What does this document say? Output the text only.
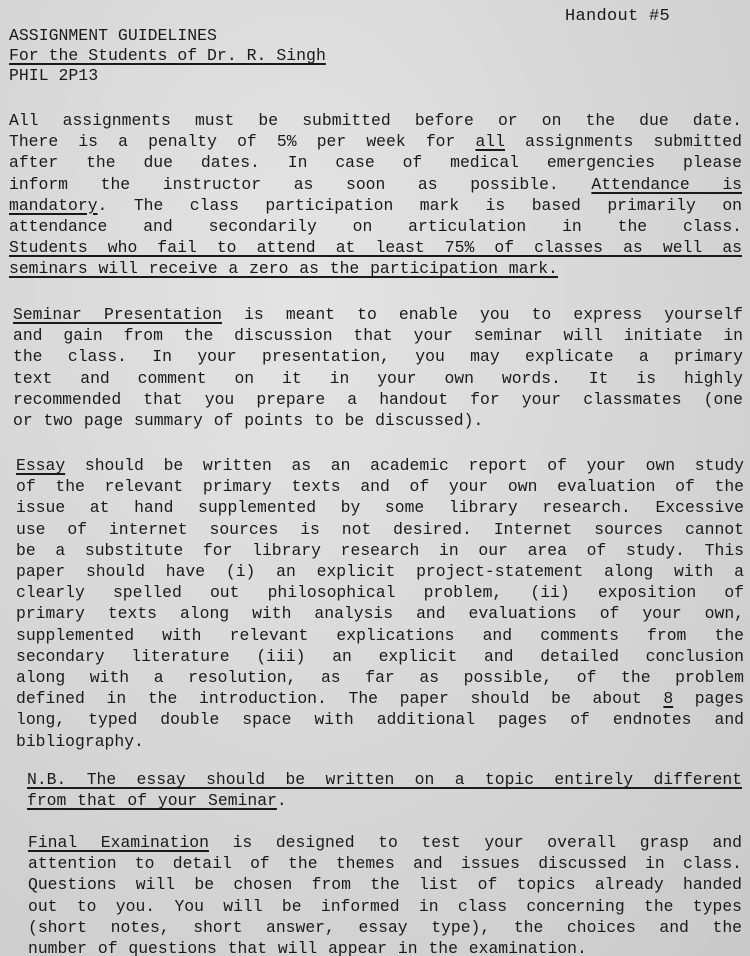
Handout #5
ASSIGNMENT GUIDELINES
For the Students of Dr. R. Singh
PHIL 2P13
All assignments must be submitted before or on the due date.
There is a penalty of 5% per week for all assignments submitted
after the due dates. In case of medical emergencies please
inform the instructor as soon as possible. Attendance is
mandatory. The class participation mark is based primarily on
attendance and secondarily on articulation in the class.
Students who fail to attend at least 75% of classes as well as
seminars will receive a zero as the participation mark.
Seminar Presentation is meant to enable you to express yourself
and gain from the discussion that your seminar will initiate in
the class. In your presentation, you may explicate a primary
text and comment on it in your own words. It is highly
recommended that you prepare a handout for your classmates (one
or two page summary of points to be discussed).
Essay should be written as an academic report of your own study
of the relevant primary texts and of your own evaluation of the
issue at hand supplemented by some library research. Excessive
use of internet sources is not desired. Internet sources cannot
be a substitute for library research in our area of study. This
paper should have (i) an explicit project-statement along with a
clearly spelled out philosophical problem, (ii) exposition of
primary texts along with analysis and evaluations of your own,
supplemented with relevant explications and comments from the
secondary literature (iii) an explicit and detailed conclusion
along with a resolution, as far as possible, of the problem
defined in the introduction. The paper should be about 8 pages
long, typed double space with additional pages of endnotes and
bibliography.
N.B. The essay should be written on a topic entirely different
from that of your Seminar.
Final Examination is designed to test your overall grasp and
attention to detail of the themes and issues discussed in class.
Questions will be chosen from the list of topics already handed
out to you. You will be informed in class concerning the types
(short notes, short answer, essay type), the choices and the
number of questions that will appear in the examination.
